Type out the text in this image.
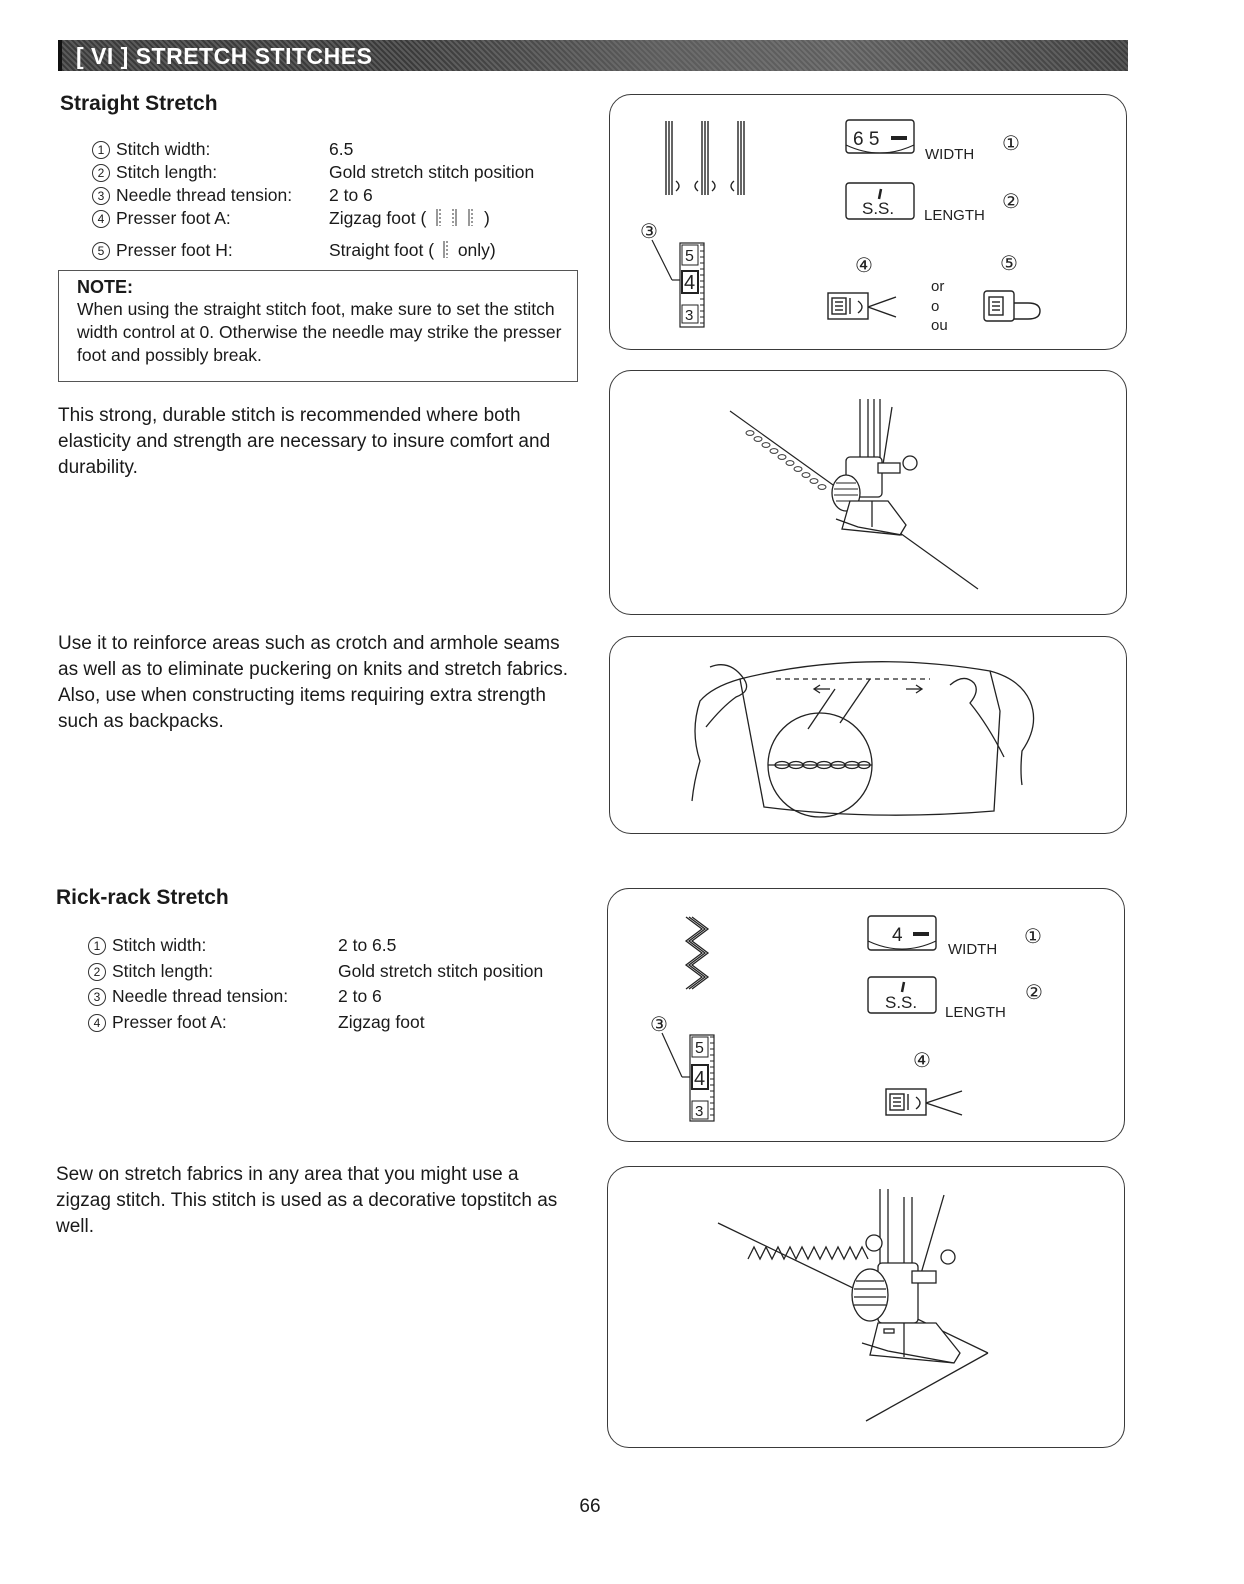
[ VI ] STRETCH STITCHES
Straight Stretch
1 Stitch width:	6.5
2 Stitch length:	Gold stretch stitch position
3 Needle thread tension: 2 to 6
4 Presser foot A:	Zigzag foot (	)
5 Presser foot H:	Straight foot ( only)
NOTE:
When using the straight stitch foot, make sure to set the stitch width control at 0. Otherwise the needle may strike the presser foot and possibly break.
This strong, durable stitch is recommended where both elasticity and strength are necessary to insure comfort and durability.
Use it to reinforce areas such as crotch and armhole seams as well as to eliminate puckering on knits and stretch fabrics. Also, use when constructing items requiring extra strength such as backpacks.
③
5
4
3
6 5
WIDTH ①
S.S. LENGTH
②
④	⑤
or
o
ou
Rick-rack Stretch
1 Stitch width:	2 to 6.5
2 Stitch length:	Gold stretch stitch position
3 Needle thread tension:	2 to 6
4 Presser foot A:	Zigzag foot
Sew on stretch fabrics in any area that you might use a zigzag stitch. This stitch is used as a decorative topstitch as well.
③
5
4
3
4
WIDTH
①
S.S.
LENGTH
②
④
66
